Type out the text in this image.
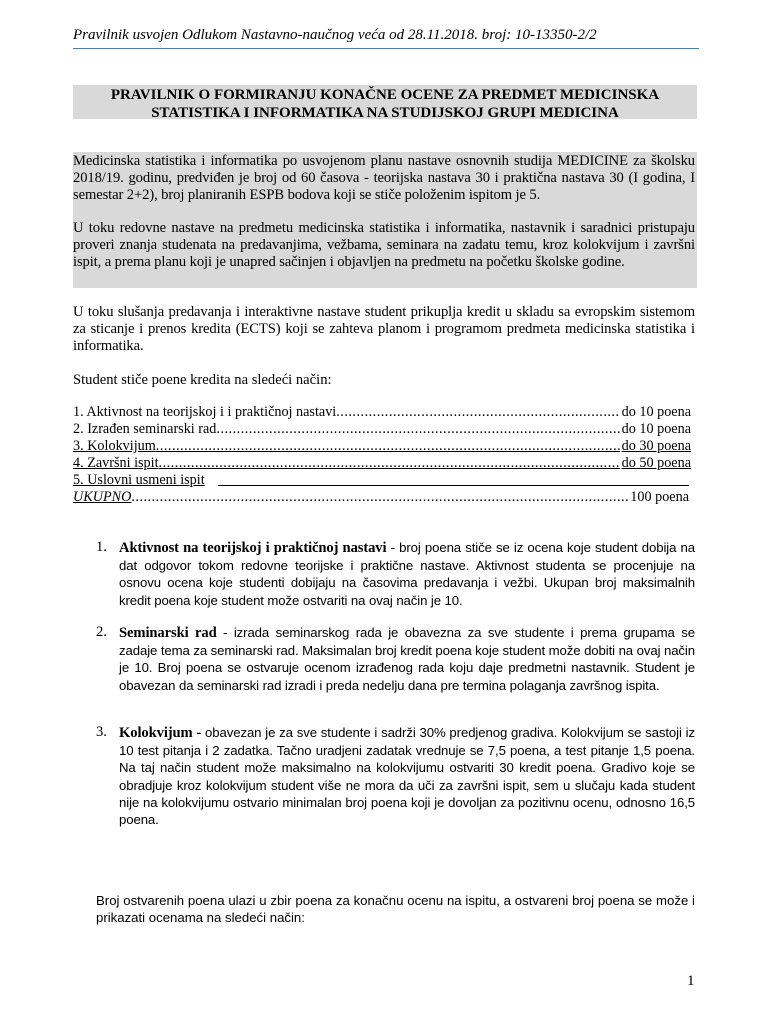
Pravilnik usvojen Odlukom Nastavno-naučnog veća od 28.11.2018. broj: 10-13350-2/2
PRAVILNIK O FORMIRANJU KONAČNE OCENE ZA PREDMET MEDICINSKA
STATISTIKA I INFORMATIKA NA STUDIJSKOJ GRUPI MEDICINA
Medicinska statistika i informatika po usvojenom planu nastave osnovnih studija MEDICINE za školsku 2018/19. godinu, predviđen je broj od 60 časova - teorijska nastava 30 i praktična nastava 30 (I godina, I semestar 2+2), broj planiranih ESPB bodova koji se stiče položenim ispitom je 5.
U toku redovne nastave na predmetu medicinska statistika i informatika, nastavnik i saradnici pristupaju proveri znanja studenata na predavanjima, vežbama, seminara na zadatu temu, kroz kolokvijum i završni ispit, a prema planu koji je unapred sačinjen i objavljen na predmetu na početku školske godine.
U toku slušanja predavanja i interaktivne nastave student prikuplja kredit u skladu sa evropskim sistemom za sticanje i prenos kredita (ECTS) koji se zahteva planom i programom predmeta medicinska statistika i informatika.
Student stiče poene kredita na sledeći način:
1. Aktivnost na teorijskoj i i praktičnoj nastavi .....	do 10 poena
2. Izrađen seminarski rad .....	do 10 poena
3. Kolokvijum .....	do 30 poena
4. Završni ispit .....	do 50 poena
5. Uslovni usmeni ispit
UKUPNO .....	100 poena
1. Aktivnost na teorijskoj i praktičnoj nastavi - broj poena stiče se iz ocena koje student dobija na dat odgovor tokom redovne teorijske i praktične nastave. Aktivnost studenta se procenjuje na osnovu ocena koje studenti dobijaju na časovima predavanja i vežbi. Ukupan broj maksimalnih kredit poena koje student može ostvariti na ovaj način je 10.
2. Seminarski rad - izrada seminarskog rada je obavezna za sve studente i prema grupama se zadaje tema za seminarski rad. Maksimalan broj kredit poena koje student može dobiti na ovaj način je 10. Broj poena se ostvaruje ocenom izrađenog rada koju daje predmetni nastavnik. Student je obavezan da seminarski rad izradi i preda nedelju dana pre termina polaganja završnog ispita.
3. Kolokvijum - obavezan je za sve studente i sadrži 30% predjenog gradiva. Kolokvijum se sastoji iz 10 test pitanja i 2 zadatka. Tačno uradjeni zadatak vrednuje se 7,5 poena, a test pitanje 1,5 poena. Na taj način student može maksimalno na kolokvijumu ostvariti 30 kredit poena. Gradivo koje se obradjuje kroz kolokvijum student više ne mora da uči za završni ispit, sem u slučaju kada student nije na kolokvijumu ostvario minimalan broj poena koji je dovoljan za pozitivnu ocenu, odnosno 16,5 poena.
Broj ostvarenih poena ulazi u zbir poena za konačnu ocenu na ispitu, a ostvareni broj poena se može i prikazati ocenama na sledeći način:
1
